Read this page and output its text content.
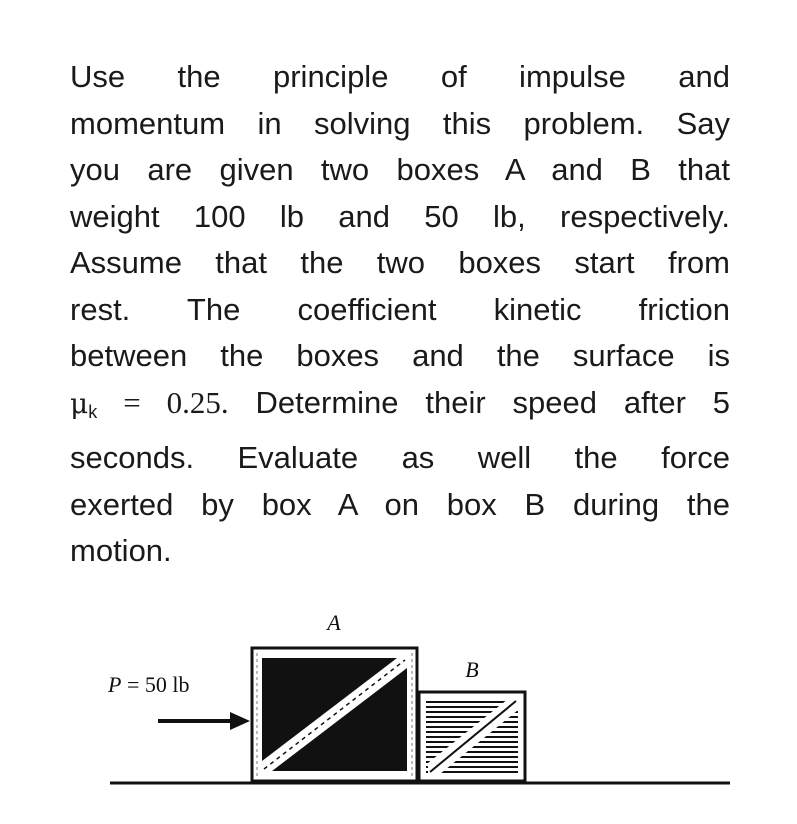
Use the principle of impulse and
momentum in solving this problem. Say
you are given two boxes A and B that
weight 100 lb and 50 lb, respectively.
Assume that the two boxes start from
rest. The coefficient kinetic friction
between the boxes and the surface is
μk = 0.25. Determine their speed after 5
seconds. Evaluate as well the force
exerted by box A on box B during the
motion.
A
B
P = 50 lb
